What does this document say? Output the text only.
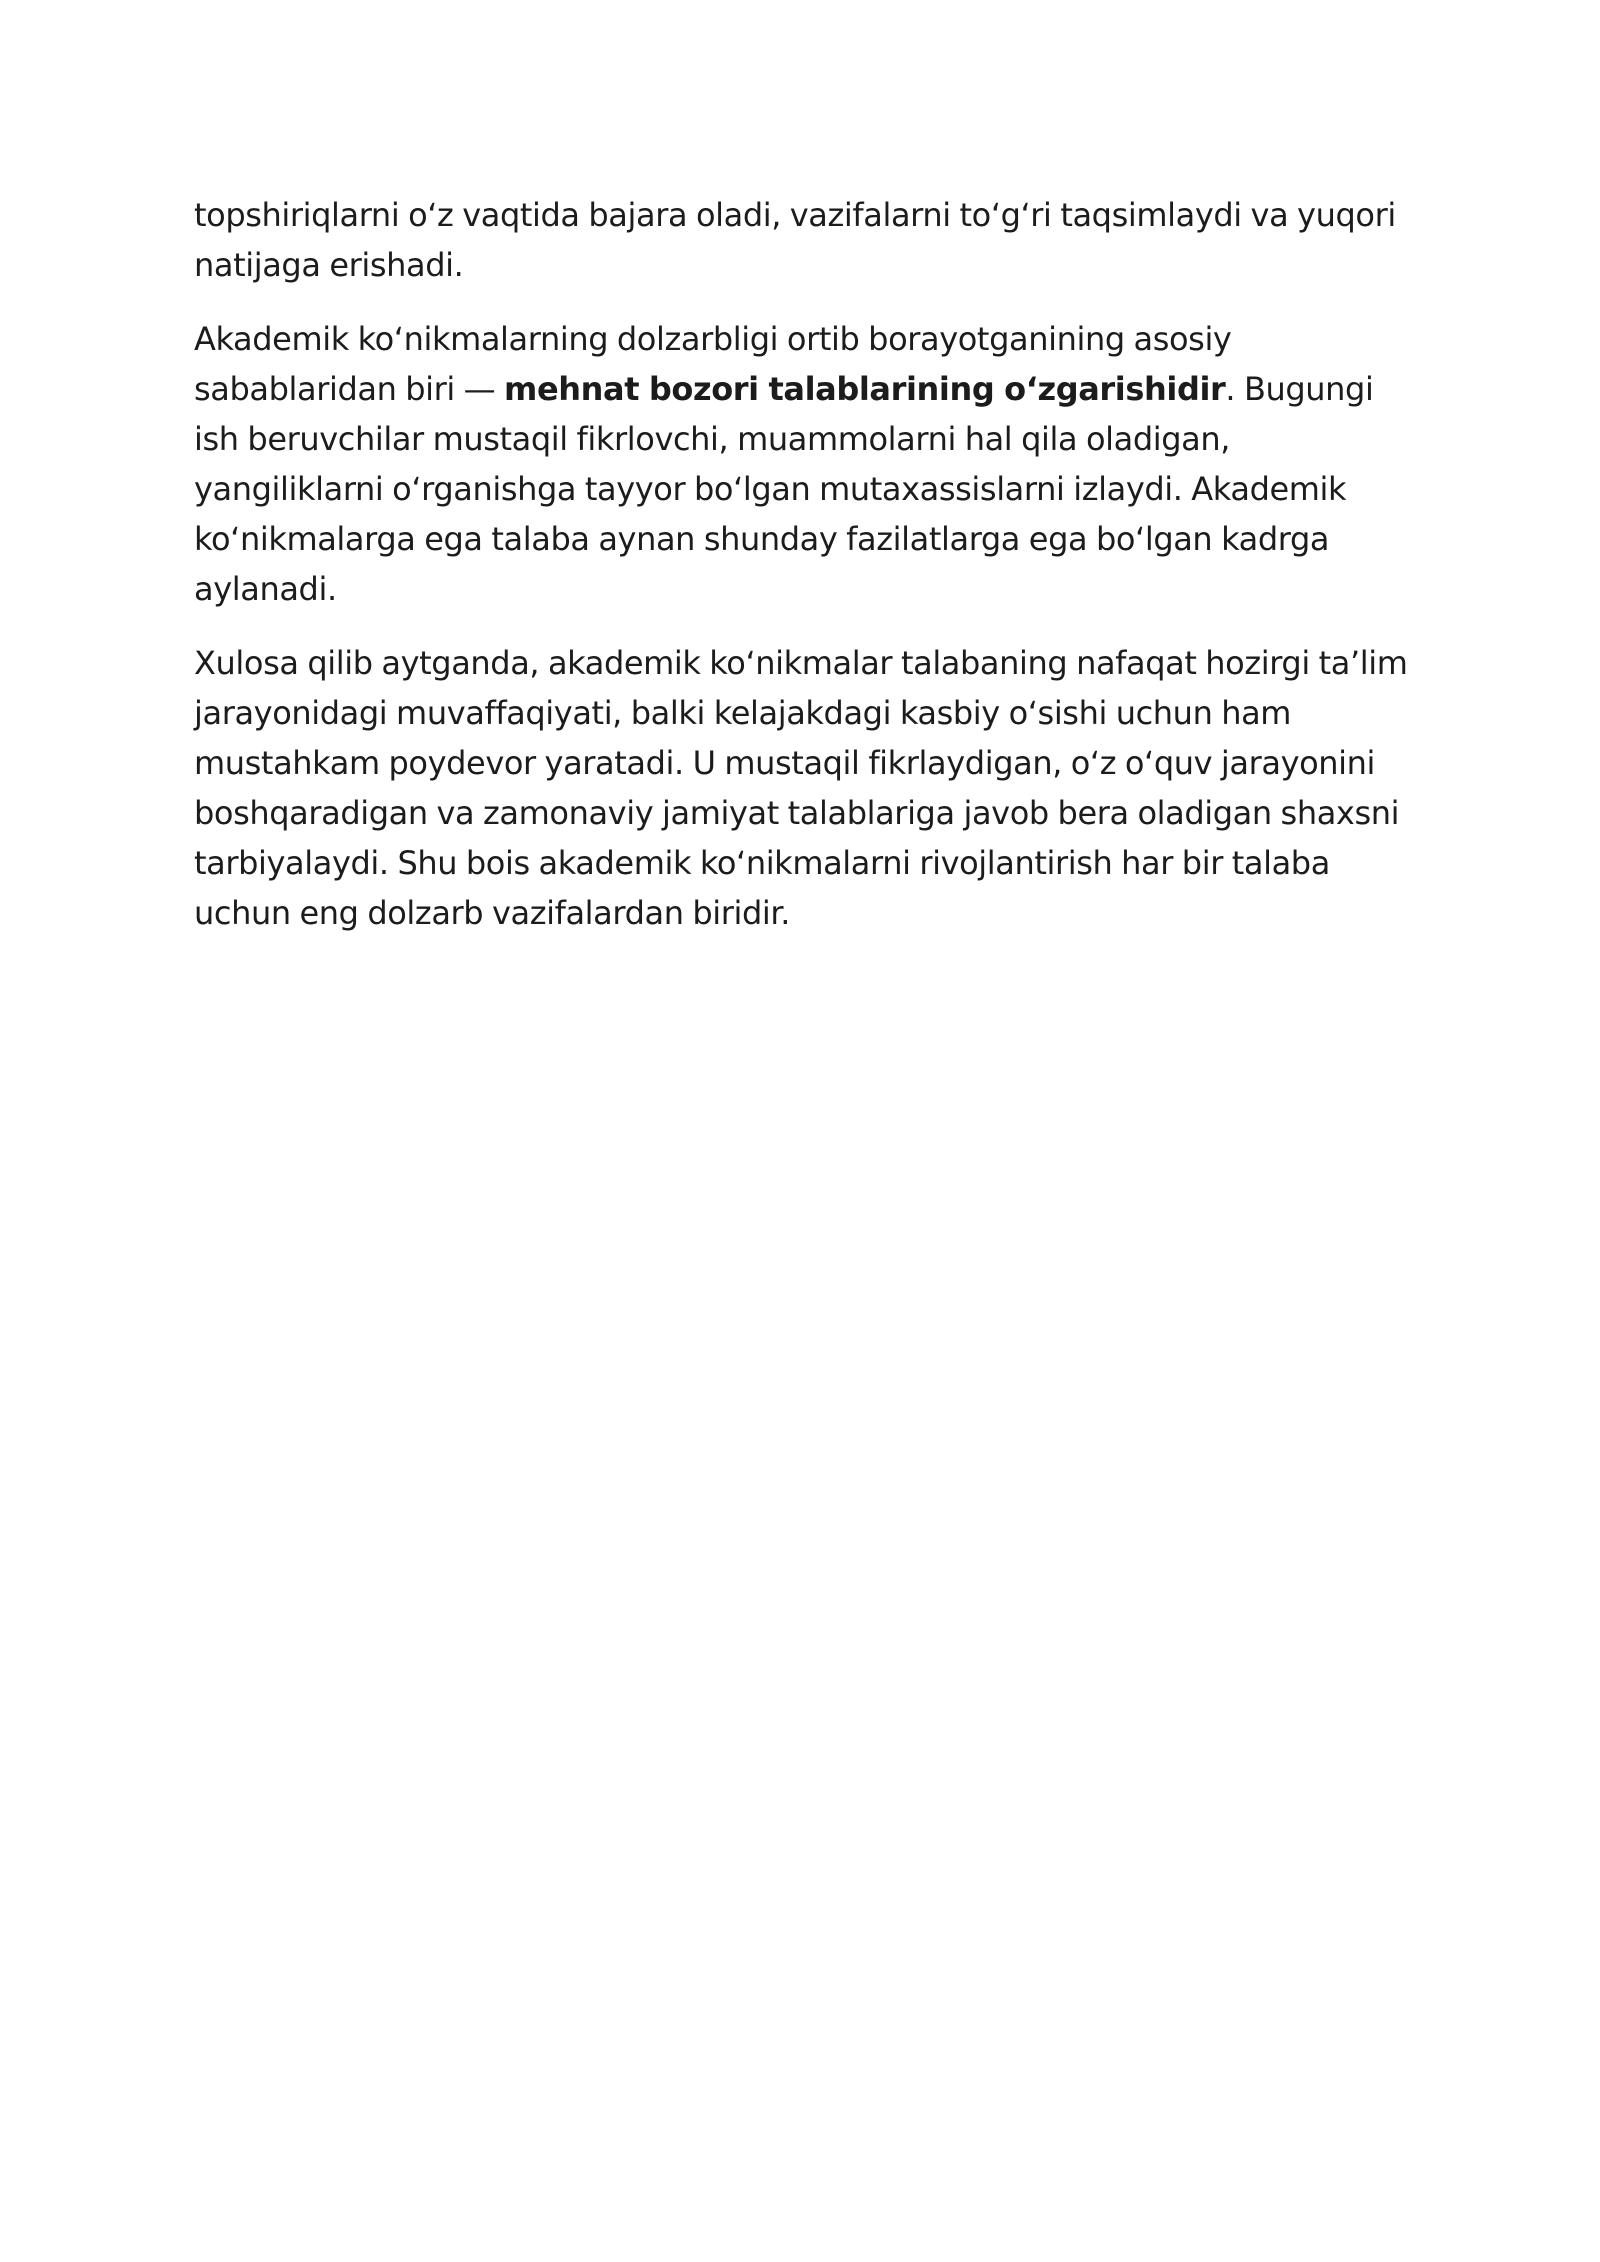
topshiriqlarni oʻz vaqtida bajara oladi, vazifalarni toʻgʻri taqsimlaydi va yuqori natijaga erishadi.

Akademik koʻnikmalarning dolzarbligi ortib borayotganining asosiy sabablaridan biri — mehnat bozori talablarining oʻzgarishidir. Bugungi ish beruvchilar mustaqil fikrlovchi, muammolarni hal qila oladigan, yangiliklarni oʻrganishga tayyor boʻlgan mutaxassislarni izlaydi. Akademik koʻnikmalarga ega talaba aynan shunday fazilatlarga ega boʻlgan kadrga aylanadi.

Xulosa qilib aytganda, akademik koʻnikmalar talabaning nafaqat hozirgi ta’lim jarayonidagi muvaffaqiyati, balki kelajakdagi kasbiy oʻsishi uchun ham mustahkam poydevor yaratadi. U mustaqil fikrlaydigan, oʻz oʻquv jarayonini boshqaradigan va zamonaviy jamiyat talablariga javob bera oladigan shaxsni tarbiyalaydi. Shu bois akademik koʻnikmalarni rivojlantirish har bir talaba uchun eng dolzarb vazifalardan biridir.
